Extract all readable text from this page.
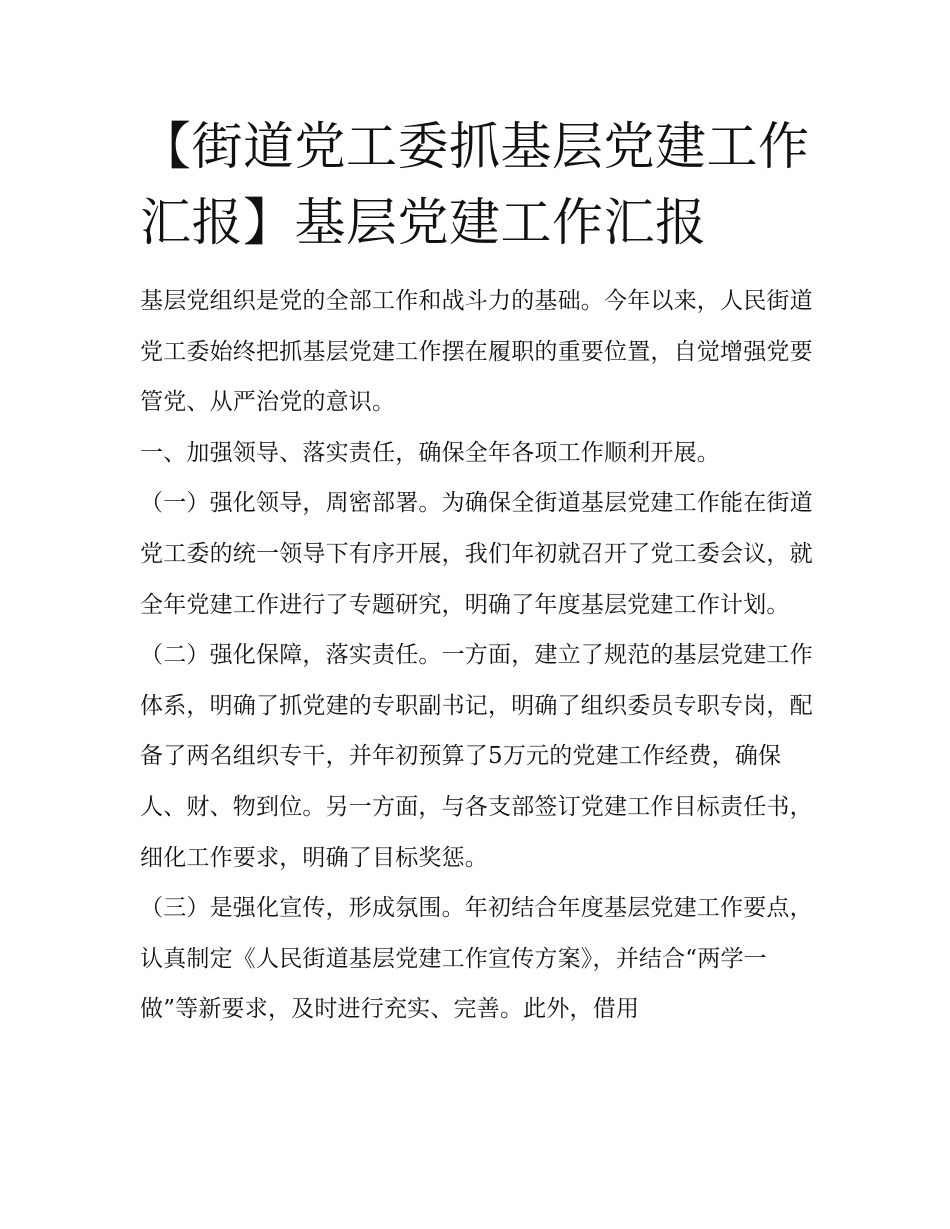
【街道党工委抓基层党建工作汇报】基层党建工作汇报

基层党组织是党的全部工作和战斗力的基础。今年以来，人民街道党工委始终把抓基层党建工作摆在履职的重要位置，自觉增强党要管党、从严治党的意识。

一、加强领导、落实责任，确保全年各项工作顺利开展。

（一）强化领导，周密部署。为确保全街道基层党建工作能在街道党工委的统一领导下有序开展，我们年初就召开了党工委会议，就全年党建工作进行了专题研究，明确了年度基层党建工作计划。

（二）强化保障，落实责任。一方面，建立了规范的基层党建工作体系，明确了抓党建的专职副书记，明确了组织委员专职专岗，配备了两名组织专干，并年初预算了5万元的党建工作经费，确保人、财、物到位。另一方面，与各支部签订党建工作目标责任书，细化工作要求，明确了目标奖惩。

（三）是强化宣传，形成氛围。年初结合年度基层党建工作要点，认真制定《人民街道基层党建工作宣传方案》，并结合“两学一做”等新要求，及时进行充实、完善。此外，借用
